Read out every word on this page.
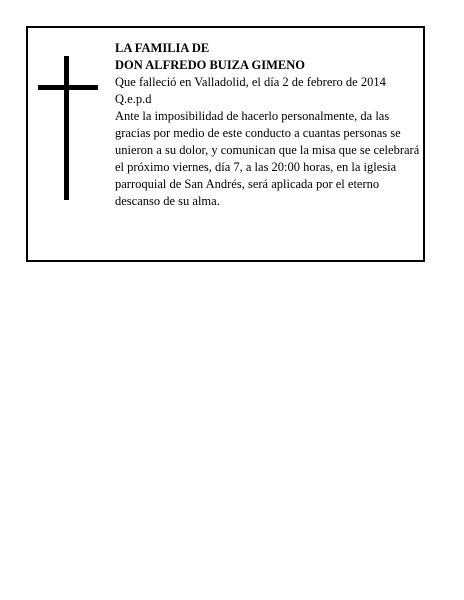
LA FAMILIA DE
DON ALFREDO BUIZA GIMENO
Que falleció en Valladolid, el día 2 de febrero de 2014
Q.e.p.d

Ante la imposibilidad de hacerlo personalmente, da las gracias por medio de este conducto a cuantas personas se unieron a su dolor, y comunican que la misa que se celebrará el próximo viernes, día 7, a las 20:00 horas, en la iglesia parroquial de San Andrés, será aplicada por el eterno descanso de su alma.
